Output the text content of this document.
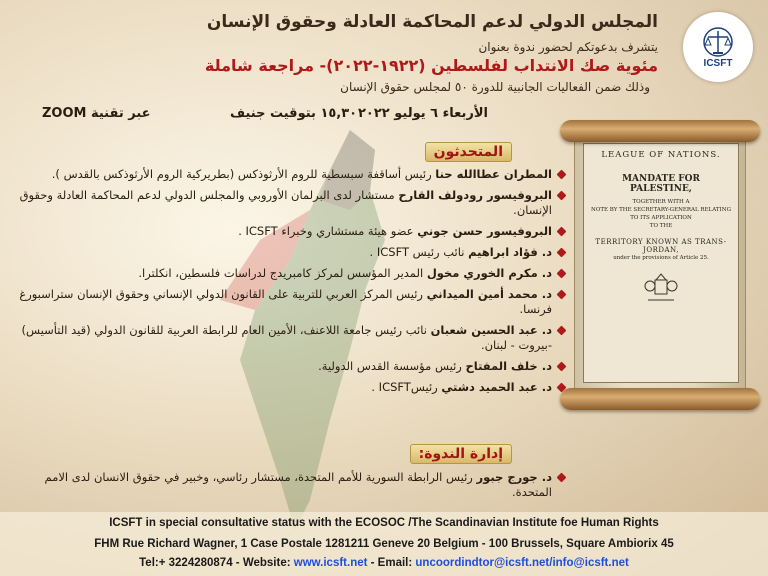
ICSFT
المجلس الدولي لدعم المحاكمة العادلة وحقوق الإنسان
يتشرف بدعوتكم لحضور ندوة بعنوان
مئوية صك الانتداب لفلسطين (١٩٢٢-٢٠٢٢)- مراجعة شاملة
وذلك ضمن الفعاليات الجانبية للدورة ٥٠ لمجلس حقوق الإنسان
الأربعاء ٦ يوليو ٢٠٢٢
١٥,٣٠ بتوقيت جنيف
عبر تقنية ZOOM
المتحدثون
المطران عطاالله حنا رئيس أساقفة سبسطية للروم الأرثوذكس (بطريركية الروم الأرثوذكس بالقدس ).
البروفيسور رودولف القارح مستشار لدى البرلمان الأوروبي والمجلس الدولي لدعم المحاكمة العادلة وحقوق الإنسان.
البروفيسور حسن جوني عضو هيئة مستشاري وخبراء ICSFT .
د. فؤاد ابراهيم نائب رئيس ICSFT .
د. مكرم الخوري مخول المدير المؤسس لمركز كامبريدج لدراسات فلسطين، انكلترا.
د. محمد أمين الميداني رئيس المركز العربي للتربية على القانون الدولي الإنساني وحقوق الإنسان ستراسبورغ فرنسا.
د. عبد الحسين شعبان نائب رئيس جامعة اللاعنف، الأمين العام للرابطة العربية للقانون الدولي (قيد التأسيس) -بيروت - لبنان.
د. خلف المفتاح رئيس مؤسسة القدس الدولية.
د. عبد الحميد دشتي رئيسICSFT .
إدارة الندوة:
د. جورج جبور رئيس الرابطة السورية للأمم المتحدة، مستشار رئاسي، وخبير في حقوق الانسان لدى الامم المتحدة.
LEAGUE OF NATIONS.
MANDATE FOR PALESTINE,
TOGETHER WITH A
NOTE BY THE SECRETARY-GENERAL RELATING TO ITS APPLICATION
TO THE
TERRITORY KNOWN AS TRANS-JORDAN,
under the provisions of Article 25.
ICSFT in special consultative status with the ECOSOC /The Scandinavian Institute foe Human Rights
FHM Rue Richard Wagner, 1 Case Postale 1281211 Geneve 20 Belgium - 100 Brussels, Square Ambiorix 45
Tel:+ 3224280874 - Website: www.icsft.net - Email: uncoordindtor@icsft.net/info@icsft.net
